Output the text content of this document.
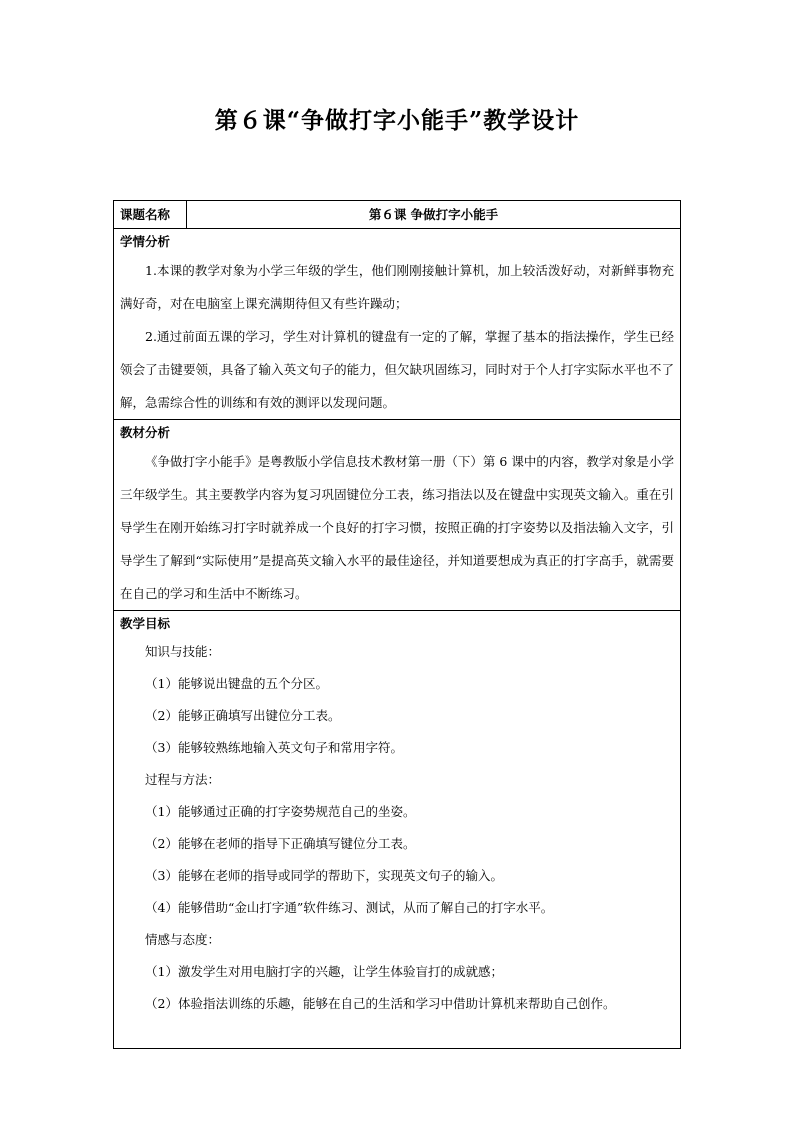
第６课“争做打字小能手”教学设计
课题名称	第６课 争做打字小能手

学情分析
1.本课的教学对象为小学三年级的学生，他们刚刚接触计算机，加上较活泼好动，对新鲜事物充满好奇，对在电脑室上课充满期待但又有些许躁动；
2.通过前面五课的学习，学生对计算机的键盘有一定的了解，掌握了基本的指法操作，学生已经领会了击键要领，具备了输入英文句子的能力，但欠缺巩固练习，同时对于个人打字实际水平也不了解，急需综合性的训练和有效的测评以发现问题。

教材分析
《争做打字小能手》是粤教版小学信息技术教材第一册（下）第 6 课中的内容，教学对象是小学三年级学生。其主要教学内容为复习巩固键位分工表，练习指法以及在键盘中实现英文输入。重在引导学生在刚开始练习打字时就养成一个良好的打字习惯，按照正确的打字姿势以及指法输入文字，引导学生了解到“实际使用”是提高英文输入水平的最佳途径，并知道要想成为真正的打字高手，就需要在自己的学习和生活中不断练习。

教学目标
知识与技能：
（1）能够说出键盘的五个分区。
（2）能够正确填写出键位分工表。
（3）能够较熟练地输入英文句子和常用字符。
过程与方法：
（1）能够通过正确的打字姿势规范自己的坐姿。
（2）能够在老师的指导下正确填写键位分工表。
（3）能够在老师的指导或同学的帮助下，实现英文句子的输入。
（4）能够借助“金山打字通”软件练习、测试，从而了解自己的打字水平。
情感与态度：
（1）激发学生对用电脑打字的兴趣，让学生体验盲打的成就感；
（2）体验指法训练的乐趣，能够在自己的生活和学习中借助计算机来帮助自己创作。
